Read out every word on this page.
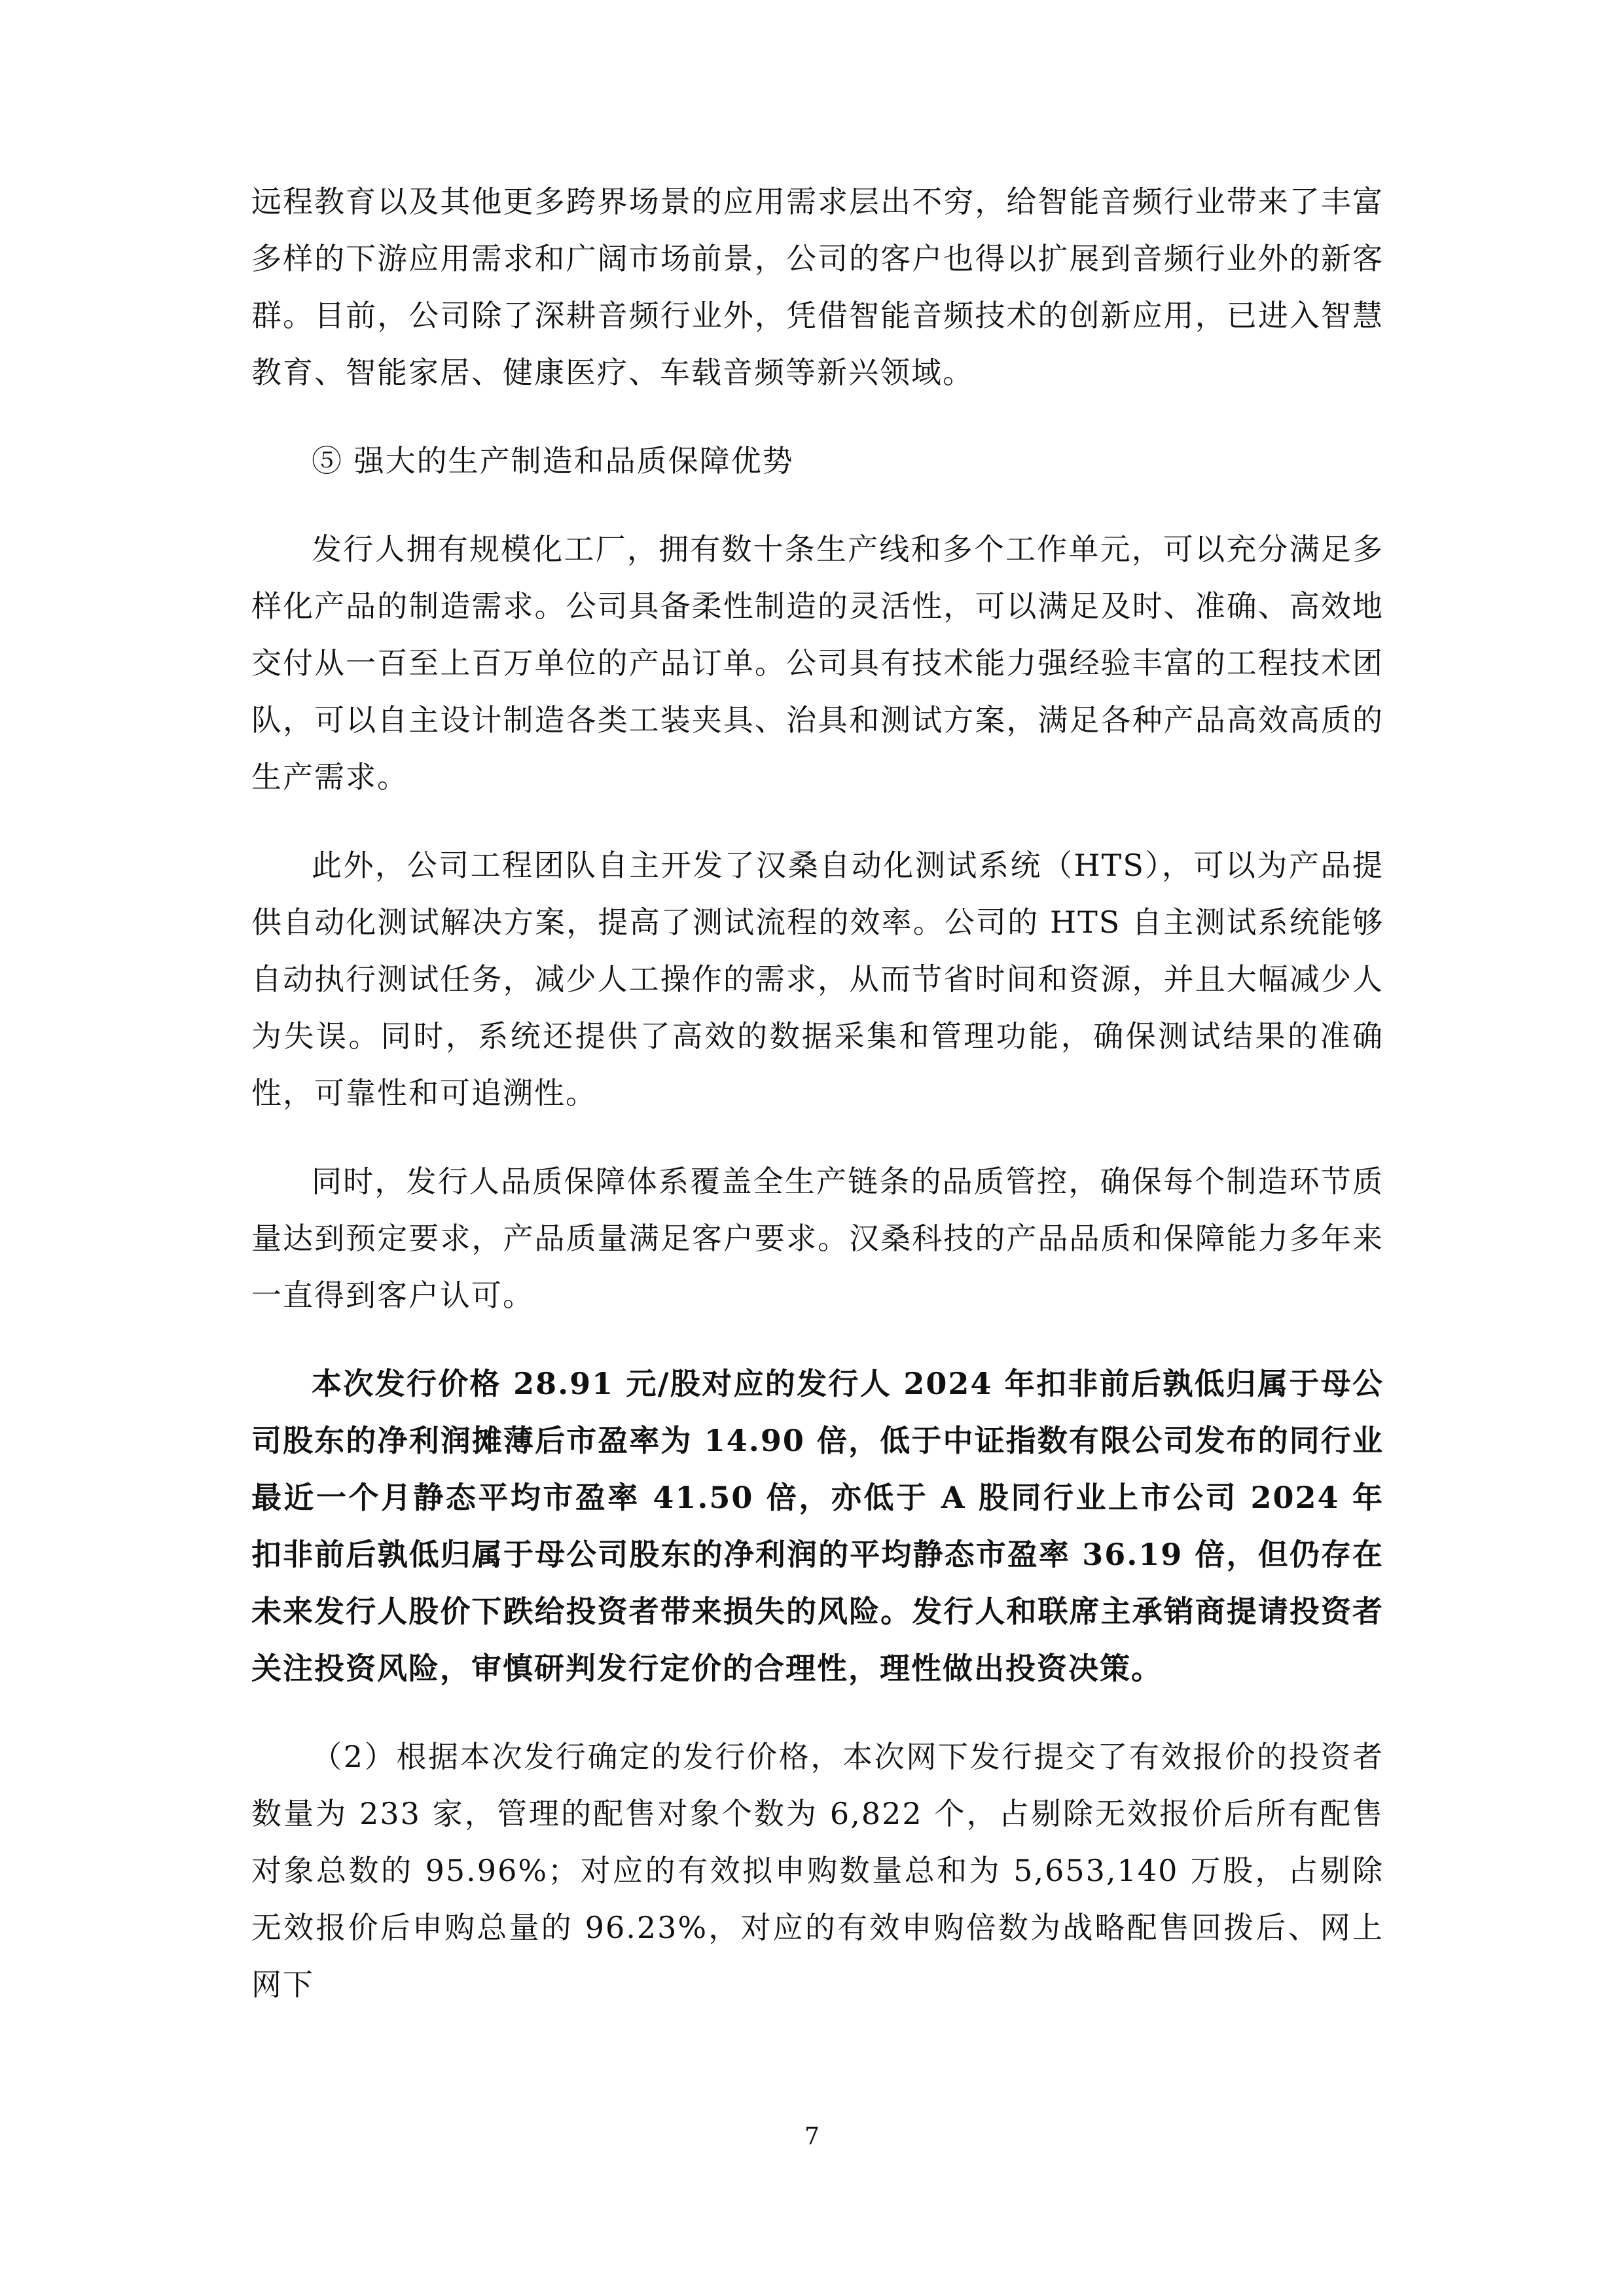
远程教育以及其他更多跨界场景的应用需求层出不穷，给智能音频行业带来了丰富多样的下游应用需求和广阔市场前景，公司的客户也得以扩展到音频行业外的新客群。目前，公司除了深耕音频行业外，凭借智能音频技术的创新应用，已进入智慧教育、智能家居、健康医疗、车载音频等新兴领域。

⑤ 强大的生产制造和品质保障优势

发行人拥有规模化工厂，拥有数十条生产线和多个工作单元，可以充分满足多样化产品的制造需求。公司具备柔性制造的灵活性，可以满足及时、准确、高效地交付从一百至上百万单位的产品订单。公司具有技术能力强经验丰富的工程技术团队，可以自主设计制造各类工装夹具、治具和测试方案，满足各种产品高效高质的生产需求。

此外，公司工程团队自主开发了汉桑自动化测试系统（HTS），可以为产品提供自动化测试解决方案，提高了测试流程的效率。公司的 HTS 自主测试系统能够自动执行测试任务，减少人工操作的需求，从而节省时间和资源，并且大幅减少人为失误。同时，系统还提供了高效的数据采集和管理功能，确保测试结果的准确性，可靠性和可追溯性。

同时，发行人品质保障体系覆盖全生产链条的品质管控，确保每个制造环节质量达到预定要求，产品质量满足客户要求。汉桑科技的产品品质和保障能力多年来一直得到客户认可。

本次发行价格 28.91 元/股对应的发行人 2024 年扣非前后孰低归属于母公司股东的净利润摊薄后市盈率为 14.90 倍，低于中证指数有限公司发布的同行业最近一个月静态平均市盈率 41.50 倍，亦低于 A 股同行业上市公司 2024 年扣非前后孰低归属于母公司股东的净利润的平均静态市盈率 36.19 倍，但仍存在未来发行人股价下跌给投资者带来损失的风险。发行人和联席主承销商提请投资者关注投资风险，审慎研判发行定价的合理性，理性做出投资决策。

（2）根据本次发行确定的发行价格，本次网下发行提交了有效报价的投资者数量为 233 家，管理的配售对象个数为 6,822 个，占剔除无效报价后所有配售对象总数的 95.96%；对应的有效拟申购数量总和为 5,653,140 万股，占剔除无效报价后申购总量的 96.23%，对应的有效申购倍数为战略配售回拨后、网上网下

7
